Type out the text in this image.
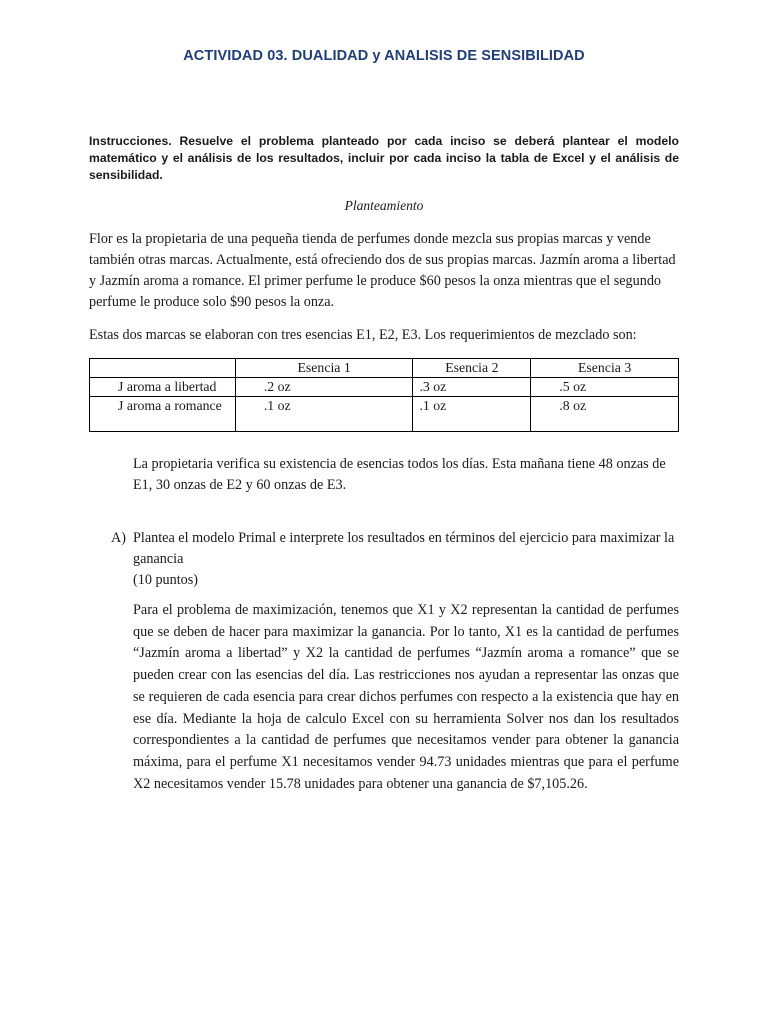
ACTIVIDAD 03. DUALIDAD y ANALISIS DE SENSIBILIDAD
Instrucciones. Resuelve el problema planteado por cada inciso se deberá plantear el modelo matemático y el análisis de los resultados, incluir por cada inciso la tabla de Excel y el análisis de sensibilidad.
Planteamiento
Flor es la propietaria de una pequeña tienda de perfumes donde mezcla sus propias marcas y vende también otras marcas. Actualmente, está ofreciendo dos de sus propias marcas. Jazmín aroma a libertad y Jazmín aroma a romance. El primer perfume le produce $60 pesos la onza mientras que el segundo perfume le produce solo $90 pesos la onza.
Estas dos marcas se elaboran con tres esencias E1, E2, E3. Los requerimientos de mezclado son:
	Esencia 1	Esencia 2	Esencia 3
J aroma a libertad	.2 oz	.3 oz	.5 oz
J aroma a romance	.1 oz	.1 oz	.8 oz
La propietaria verifica su existencia de esencias todos los días. Esta mañana tiene 48 onzas de E1, 30 onzas de E2 y 60 onzas de E3.
A) Plantea el modelo Primal e interprete los resultados en términos del ejercicio para maximizar la ganancia
(10 puntos)
Para el problema de maximización, tenemos que X1 y X2 representan la cantidad de perfumes que se deben de hacer para maximizar la ganancia. Por lo tanto, X1 es la cantidad de perfumes “Jazmín aroma a libertad” y X2 la cantidad de perfumes “Jazmín aroma a romance” que se pueden crear con las esencias del día. Las restricciones nos ayudan a representar las onzas que se requieren de cada esencia para crear dichos perfumes con respecto a la existencia que hay en ese día. Mediante la hoja de calculo Excel con su herramienta Solver nos dan los resultados correspondientes a la cantidad de perfumes que necesitamos vender para obtener la ganancia máxima, para el perfume X1 necesitamos vender 94.73 unidades mientras que para el perfume X2 necesitamos vender 15.78 unidades para obtener una ganancia de $7,105.26.
